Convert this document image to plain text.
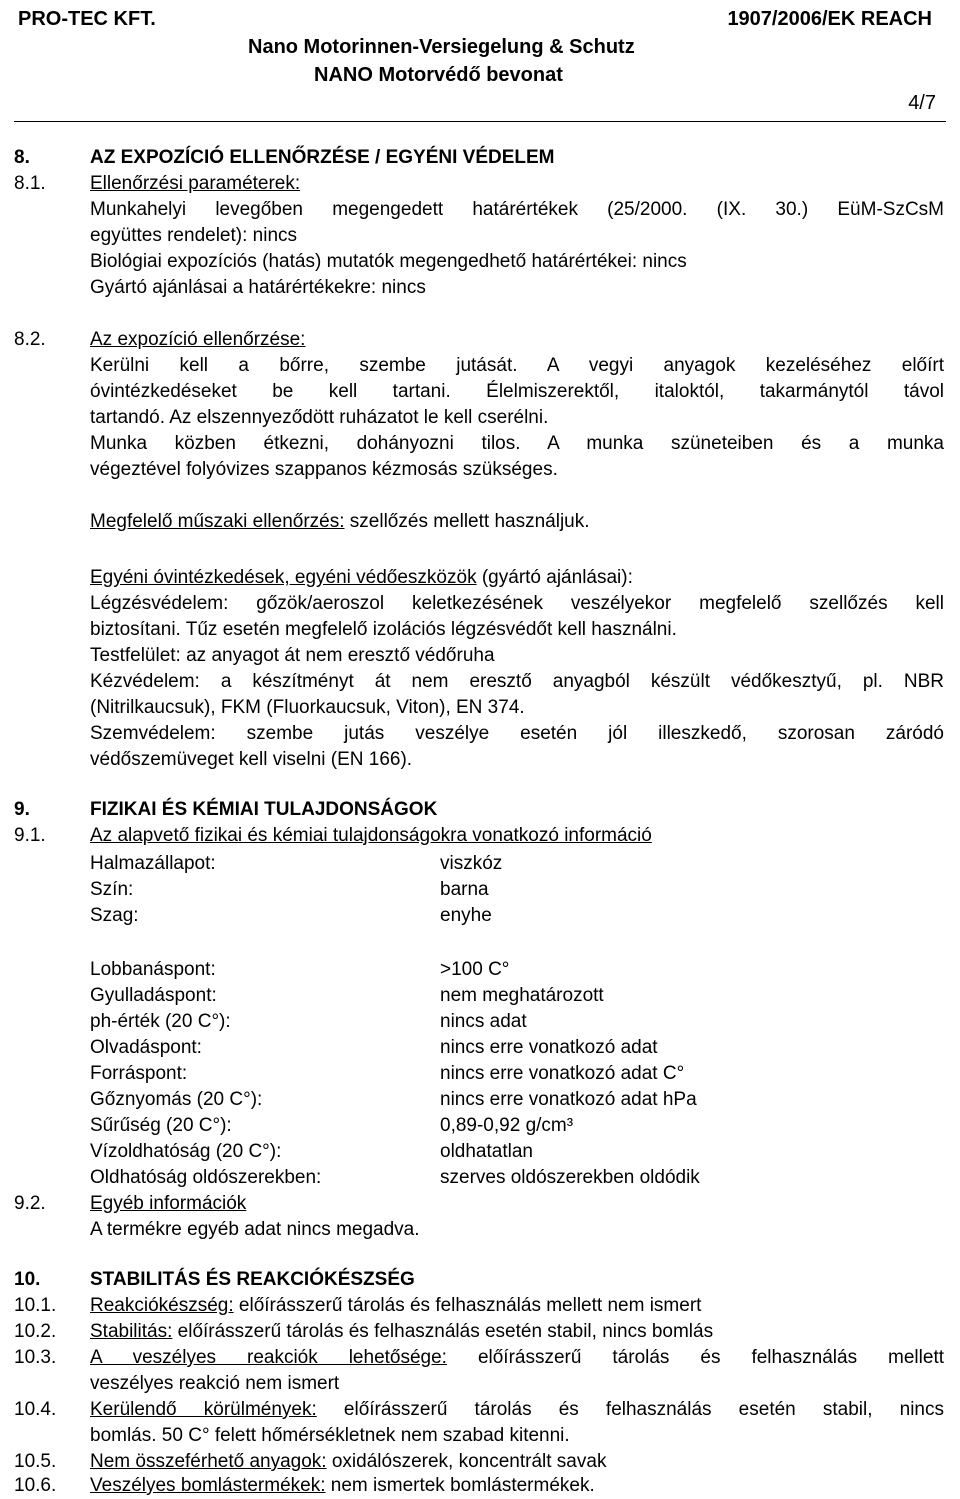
PRO-TEC KFT.	1907/2006/EK REACH
Nano Motorinnen-Versiegelung & Schutz
NANO Motorvédő bevonat
4/7
8.	AZ EXPOZÍCIÓ ELLENŐRZÉSE / EGYÉNI VÉDELEM
8.1. Ellenőrzési paraméterek:
Munkahelyi levegőben megengedett határértékek (25/2000. (IX. 30.) EüM-SzCsM
együttes rendelet): nincs
Biológiai expozíciós (hatás) mutatók megengedhető határértékei: nincs
Gyártó ajánlásai a határértékekre: nincs
8.2. Az expozíció ellenőrzése:
Kerülni kell a bőrre, szembe jutását. A vegyi anyagok kezeléséhez előírt
óvintézkedéseket be kell tartani. Élelmiszerektől, italoktól, takarmánytól távol
tartandó. Az elszennyeződött ruházatot le kell cserélni.
Munka közben étkezni, dohányozni tilos. A munka szüneteiben és a munka
végeztével folyóvizes szappanos kézmosás szükséges.
Megfelelő műszaki ellenőrzés: szellőzés mellett használjuk.
Egyéni óvintézkedések, egyéni védőeszközök (gyártó ajánlásai):
Légzésvédelem: gőzök/aeroszol keletkezésének veszélyekor megfelelő szellőzés kell
biztosítani. Tűz esetén megfelelő izolációs légzésvédőt kell használni.
Testfelület: az anyagot át nem eresztő védőruha
Kézvédelem: a készítményt át nem eresztő anyagból készült védőkesztyű, pl. NBR
(Nitrilkaucsuk), FKM (Fluorkaucsuk, Viton), EN 374.
Szemvédelem: szembe jutás veszélye esetén jól illeszkedő, szorosan záródó
védőszemüveget kell viselni (EN 166).
9.	FIZIKAI ÉS KÉMIAI TULAJDONSÁGOK
9.1. Az alapvető fizikai és kémiai tulajdonságokra vonatkozó információ
Halmazállapot:	viszkóz
Szín:	barna
Szag:	enyhe
Lobbanáspont:	>100 C°
Gyulladáspont:	nem meghatározott
ph-érték (20 C°):	nincs adat
Olvadáspont:	nincs erre vonatkozó adat
Forráspont:	nincs erre vonatkozó adat C°
Gőznyomás (20 C°):	nincs erre vonatkozó adat hPa
Sűrűség (20 C°):	0,89-0,92 g/cm³
Vízoldhatóság (20 C°):	oldhatatlan
Oldhatóság oldószerekben:	szerves oldószerekben oldódik
9.2. Egyéb információk
A termékre egyéb adat nincs megadva.
10.	STABILITÁS ÉS REAKCIÓKÉSZSÉG
10.1. Reakciókészség: előírásszerű tárolás és felhasználás mellett nem ismert
10.2. Stabilitás: előírásszerű tárolás és felhasználás esetén stabil, nincs bomlás
10.3. A veszélyes reakciók lehetősége: előírásszerű tárolás és felhasználás mellett
veszélyes reakció nem ismert
10.4. Kerülendő körülmények: előírásszerű tárolás és felhasználás esetén stabil, nincs
bomlás. 50 C° felett hőmérsékletnek nem szabad kitenni.
10.5. Nem összeférhető anyagok: oxidálószerek, koncentrált savak
10.6. Veszélyes bomlástermékek: nem ismertek bomlástermékek.
